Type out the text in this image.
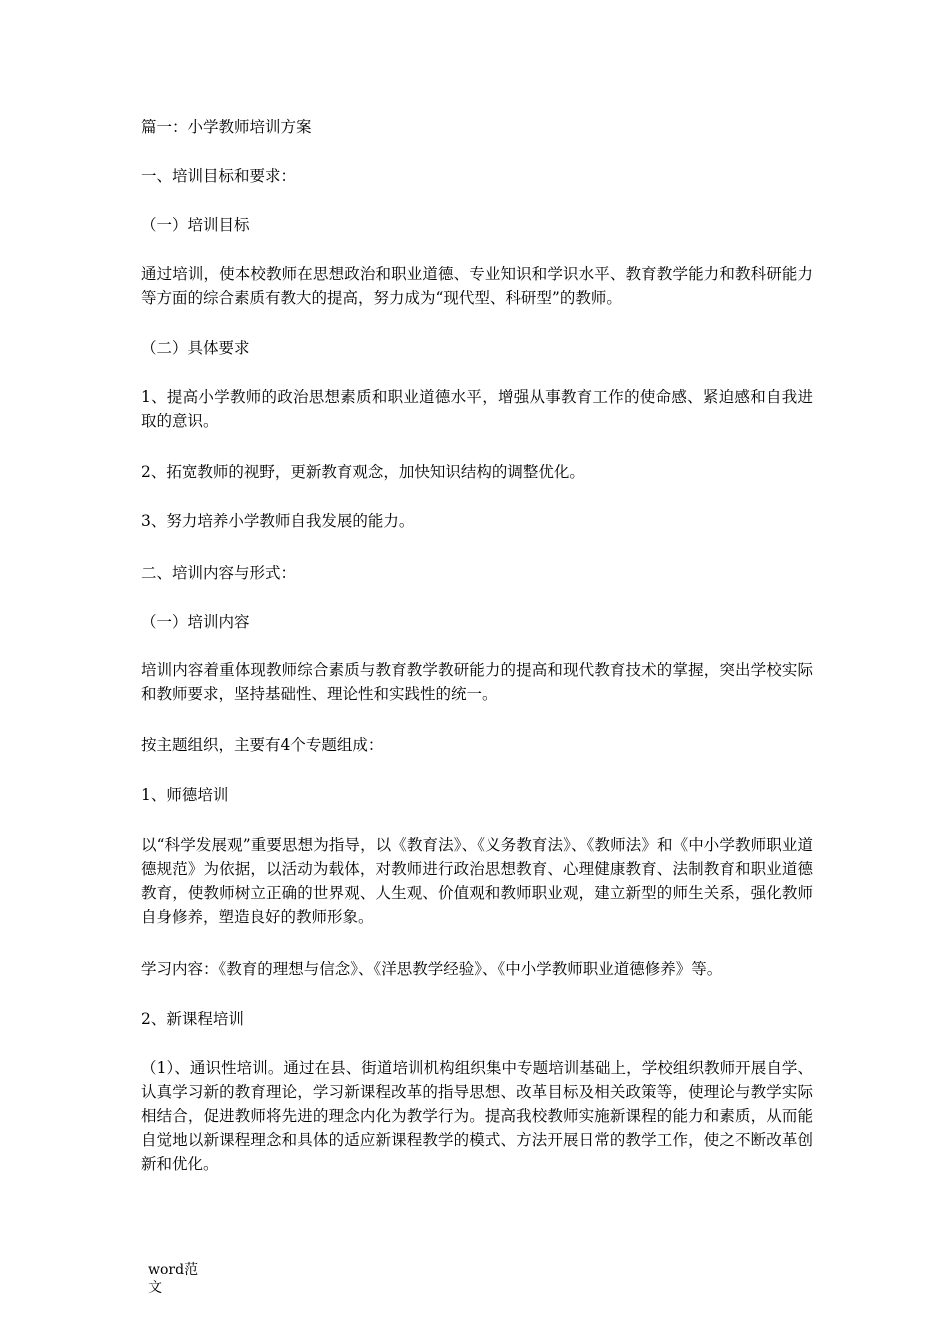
篇一：小学教师培训方案

一、培训目标和要求：

（一）培训目标

通过培训，使本校教师在思想政治和职业道德、专业知识和学识水平、教育教学能力和教科研能力等方面的综合素质有教大的提高，努力成为“现代型、科研型”的教师。

（二）具体要求

1、提高小学教师的政治思想素质和职业道德水平，增强从事教育工作的使命感、紧迫感和自我进取的意识。

2、拓宽教师的视野，更新教育观念，加快知识结构的调整优化。

3、努力培养小学教师自我发展的能力。

二、培训内容与形式：

（一）培训内容

培训内容着重体现教师综合素质与教育教学教研能力的提高和现代教育技术的掌握，突出学校实际和教师要求，坚持基础性、理论性和实践性的统一。

按主题组织，主要有4个专题组成：

1、师德培训

以“科学发展观”重要思想为指导，以《教育法》、《义务教育法》、《教师法》和《中小学教师职业道德规范》为依据，以活动为载体，对教师进行政治思想教育、心理健康教育、法制教育和职业道德教育，使教师树立正确的世界观、人生观、价值观和教师职业观，建立新型的师生关系，强化教师自身修养，塑造良好的教师形象。

学习内容：《教育的理想与信念》、《洋思教学经验》、《中小学教师职业道德修养》等。

2、新课程培训

（1）、通识性培训。通过在县、街道培训机构组织集中专题培训基础上，学校组织教师开展自学、认真学习新的教育理论，学习新课程改革的指导思想、改革目标及相关政策等，使理论与教学实际相结合，促进教师将先进的理念内化为教学行为。提高我校教师实施新课程的能力和素质，从而能自觉地以新课程理念和具体的适应新课程教学的模式、方法开展日常的教学工作，使之不断改革创新和优化。

word范文
